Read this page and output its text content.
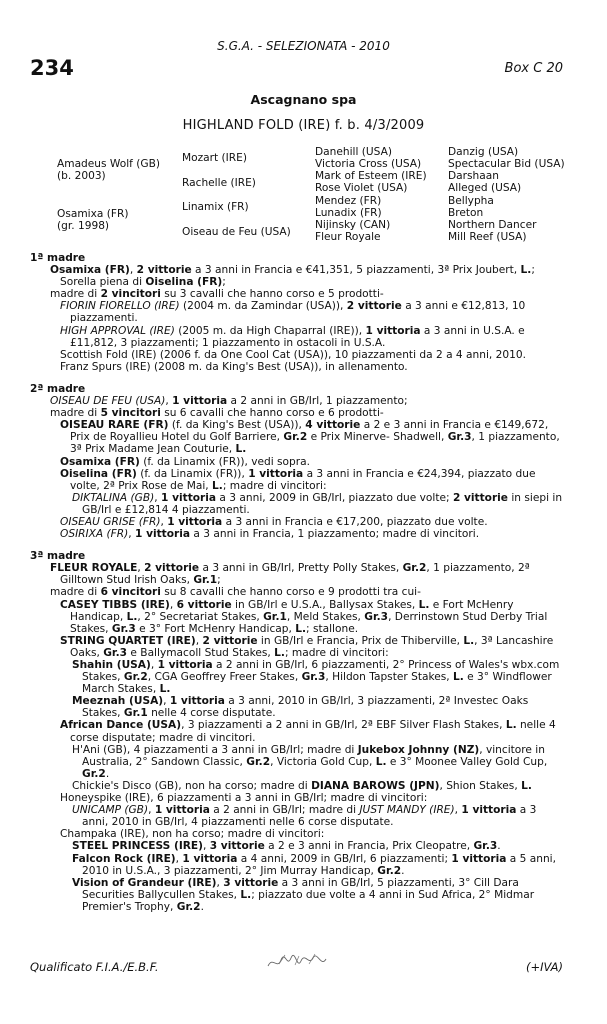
S.G.A. - SELEZIONATA - 2010
234	Box C 20
Ascagnano spa
HIGHLAND FOLD (IRE) f. b. 4/3/2009
Amadeus Wolf (GB)
(b. 2003)
Osamixa (FR)
(gr. 1998)
Mozart (IRE)
Rachelle (IRE)
Linamix (FR)
Oiseau de Feu (USA)
Danehill (USA)
Victoria Cross (USA)
Mark of Esteem (IRE)
Rose Violet (USA)
Mendez (FR)
Lunadix (FR)
Nijinsky (CAN)
Fleur Royale
Danzig (USA)
Spectacular Bid (USA)
Darshaan
Alleged (USA)
Bellypha
Breton
Northern Dancer
Mill Reef (USA)

1ª madre

Osamixa (FR), 2 vittorie a 3 anni in Francia e €41,351, 5 piazzamenti, 3ª Prix Joubert, L.; Sorella piena di Oiselina (FR);

madre di 2 vincitori su 3 cavalli che hanno corso e 5 prodotti-

FIORIN FIORELLO (IRE) (2004 m. da Zamindar (USA)), 2 vittorie a 3 anni e €12,813, 10 piazzamenti.

HIGH APPROVAL (IRE) (2005 m. da High Chaparral (IRE)), 1 vittoria a 3 anni in U.S.A. e £11,812, 3 piazzamenti; 1 piazzamento in ostacoli in U.S.A.

Scottish Fold (IRE) (2006 f. da One Cool Cat (USA)), 10 piazzamenti da 2 a 4 anni, 2010.

Franz Spurs (IRE) (2008 m. da King's Best (USA)), in allenamento.

2ª madre

OISEAU DE FEU (USA), 1 vittoria a 2 anni in GB/Irl, 1 piazzamento;

madre di 5 vincitori su 6 cavalli che hanno corso e 6 prodotti-

OISEAU RARE (FR) (f. da King's Best (USA)), 4 vittorie a 2 e 3 anni in Francia e €149,672, Prix de Royallieu Hotel du Golf Barriere, Gr.2 e Prix Minerve- Shadwell, Gr.3, 1 piazzamento, 3ª Prix Madame Jean Couturie, L.

Osamixa (FR) (f. da Linamix (FR)), vedi sopra.

Oiselina (FR) (f. da Linamix (FR)), 1 vittoria a 3 anni in Francia e €24,394, piazzato due volte, 2ª Prix Rose de Mai, L.; madre di vincitori:

DIKTALINA (GB), 1 vittoria a 3 anni, 2009 in GB/Irl, piazzato due volte; 2 vittorie in siepi in GB/Irl e £12,814 4 piazzamenti.

OISEAU GRISE (FR), 1 vittoria a 3 anni in Francia e €17,200, piazzato due volte.

OSIRIXA (FR), 1 vittoria a 3 anni in Francia, 1 piazzamento; madre di vincitori.

3ª madre

FLEUR ROYALE, 2 vittorie a 3 anni in GB/Irl, Pretty Polly Stakes, Gr.2, 1 piazzamento, 2ª Gilltown Stud Irish Oaks, Gr.1;

madre di 6 vincitori su 8 cavalli che hanno corso e 9 prodotti tra cui-

CASEY TIBBS (IRE), 6 vittorie in GB/Irl e U.S.A., Ballysax Stakes, L. e Fort McHenry Handicap, L., 2° Secretariat Stakes, Gr.1, Meld Stakes, Gr.3, Derrinstown Stud Derby Trial Stakes, Gr.3 e 3° Fort McHenry Handicap, L.; stallone.

STRING QUARTET (IRE), 2 vittorie in GB/Irl e Francia, Prix de Thiberville, L., 3ª Lancashire Oaks, Gr.3 e Ballymacoll Stud Stakes, L.; madre di vincitori:

Shahin (USA), 1 vittoria a 2 anni in GB/Irl, 6 piazzamenti, 2° Princess of Wales's wbx.com Stakes, Gr.2, CGA Geoffrey Freer Stakes, Gr.3, Hildon Tapster Stakes, L. e 3° Windflower March Stakes, L.

Meeznah (USA), 1 vittoria a 3 anni, 2010 in GB/Irl, 3 piazzamenti, 2ª Investec Oaks Stakes, Gr.1 nelle 4 corse disputate.

African Dance (USA), 3 piazzamenti a 2 anni in GB/Irl, 2ª EBF Silver Flash Stakes, L. nelle 4 corse disputate; madre di vincitori.

H'Ani (GB), 4 piazzamenti a 3 anni in GB/Irl; madre di Jukebox Johnny (NZ), vincitore in Australia, 2° Sandown Classic, Gr.2, Victoria Gold Cup, L. e 3° Moonee Valley Gold Cup, Gr.2.

Chickie's Disco (GB), non ha corso; madre di DIANA BAROWS (JPN), Shion Stakes, L.

Honeyspike (IRE), 6 piazzamenti a 3 anni in GB/Irl; madre di vincitori:

UNICAMP (GB), 1 vittoria a 2 anni in GB/Irl; madre di JUST MANDY (IRE), 1 vittoria a 3 anni, 2010 in GB/Irl, 4 piazzamenti nelle 6 corse disputate.

Champaka (IRE), non ha corso; madre di vincitori:

STEEL PRINCESS (IRE), 3 vittorie a 2 e 3 anni in Francia, Prix Cleopatre, Gr.3.

Falcon Rock (IRE), 1 vittoria a 4 anni, 2009 in GB/Irl, 6 piazzamenti; 1 vittoria a 5 anni, 2010 in U.S.A., 3 piazzamenti, 2° Jim Murray Handicap, Gr.2.

Vision of Grandeur (IRE), 3 vittorie a 3 anni in GB/Irl, 5 piazzamenti, 3° Cill Dara Securities Ballycullen Stakes, L.; piazzato due volte a 4 anni in Sud Africa, 2° Midmar Premier's Trophy, Gr.2.

Qualificato F.I.A./E.B.F.	(+IVA)
